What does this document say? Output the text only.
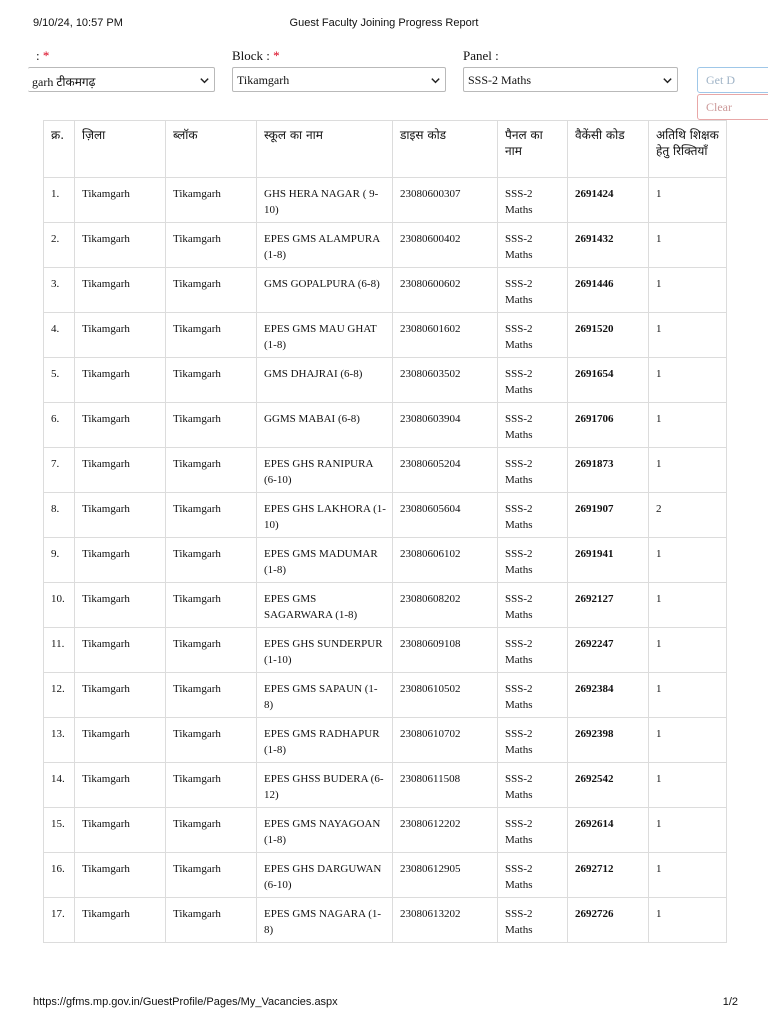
9/10/24, 10:57 PM	Guest Faculty Joining Progress Report
: *	Block : *	Panel :
garh टीकमगढ़	Tikamgarh	SSS-2 Maths	Get D
Clear
क्र.	ज़िला	ब्लॉक	स्कूल का नाम	डाइस कोड	पैनल का नाम	वैकेंसी कोड	अतिथि शिक्षक हेतु रिक्तियाँ
1.	Tikamgarh	Tikamgarh	GHS HERA NAGAR ( 9-10)	23080600307	SSS-2 Maths	2691424	1
2.	Tikamgarh	Tikamgarh	EPES GMS ALAMPURA (1-8)	23080600402	SSS-2 Maths	2691432	1
3.	Tikamgarh	Tikamgarh	GMS GOPALPURA (6-8)	23080600602	SSS-2 Maths	2691446	1
4.	Tikamgarh	Tikamgarh	EPES GMS MAU GHAT (1-8)	23080601602	SSS-2 Maths	2691520	1
5.	Tikamgarh	Tikamgarh	GMS DHAJRAI (6-8)	23080603502	SSS-2 Maths	2691654	1
6.	Tikamgarh	Tikamgarh	GGMS MABAI (6-8)	23080603904	SSS-2 Maths	2691706	1
7.	Tikamgarh	Tikamgarh	EPES GHS RANIPURA (6-10)	23080605204	SSS-2 Maths	2691873	1
8.	Tikamgarh	Tikamgarh	EPES GHS LAKHORA (1-10)	23080605604	SSS-2 Maths	2691907	2
9.	Tikamgarh	Tikamgarh	EPES GMS MADUMAR (1-8)	23080606102	SSS-2 Maths	2691941	1
10.	Tikamgarh	Tikamgarh	EPES GMS SAGARWARA (1-8)	23080608202	SSS-2 Maths	2692127	1
11.	Tikamgarh	Tikamgarh	EPES GHS SUNDERPUR (1-10)	23080609108	SSS-2 Maths	2692247	1
12.	Tikamgarh	Tikamgarh	EPES GMS SAPAUN (1-8)	23080610502	SSS-2 Maths	2692384	1
13.	Tikamgarh	Tikamgarh	EPES GMS RADHAPUR (1-8)	23080610702	SSS-2 Maths	2692398	1
14.	Tikamgarh	Tikamgarh	EPES GHSS BUDERA (6-12)	23080611508	SSS-2 Maths	2692542	1
15.	Tikamgarh	Tikamgarh	EPES GMS NAYAGOAN (1-8)	23080612202	SSS-2 Maths	2692614	1
16.	Tikamgarh	Tikamgarh	EPES GHS DARGUWAN (6-10)	23080612905	SSS-2 Maths	2692712	1
17.	Tikamgarh	Tikamgarh	EPES GMS NAGARA (1-8)	23080613202	SSS-2 Maths	2692726	1
https://gfms.mp.gov.in/GuestProfile/Pages/My_Vacancies.aspx	1/2
